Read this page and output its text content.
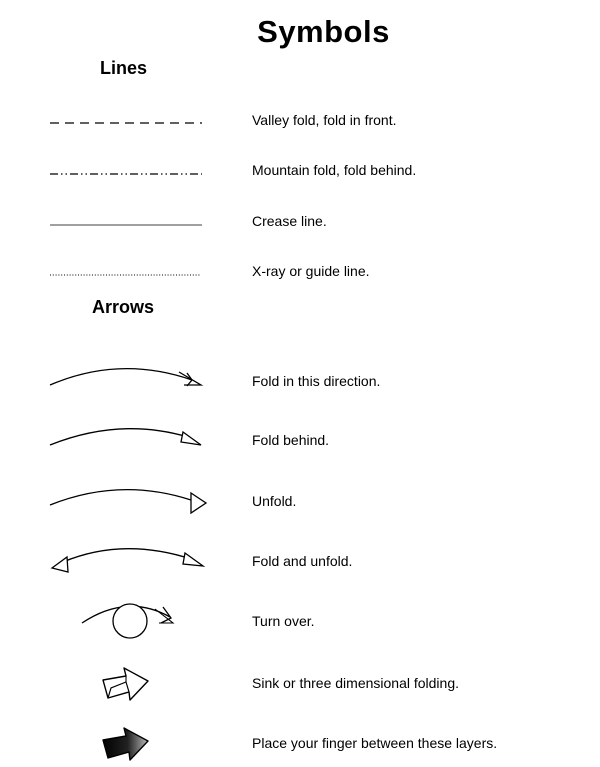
Symbols
Lines
Valley fold, fold in front.
Mountain fold, fold behind.
Crease line.
X-ray or guide line.
Arrows
Fold in this direction.
Fold behind.
Unfold.
Fold and unfold.
Turn over.
Sink or three dimensional folding.
Place your finger between these layers.
